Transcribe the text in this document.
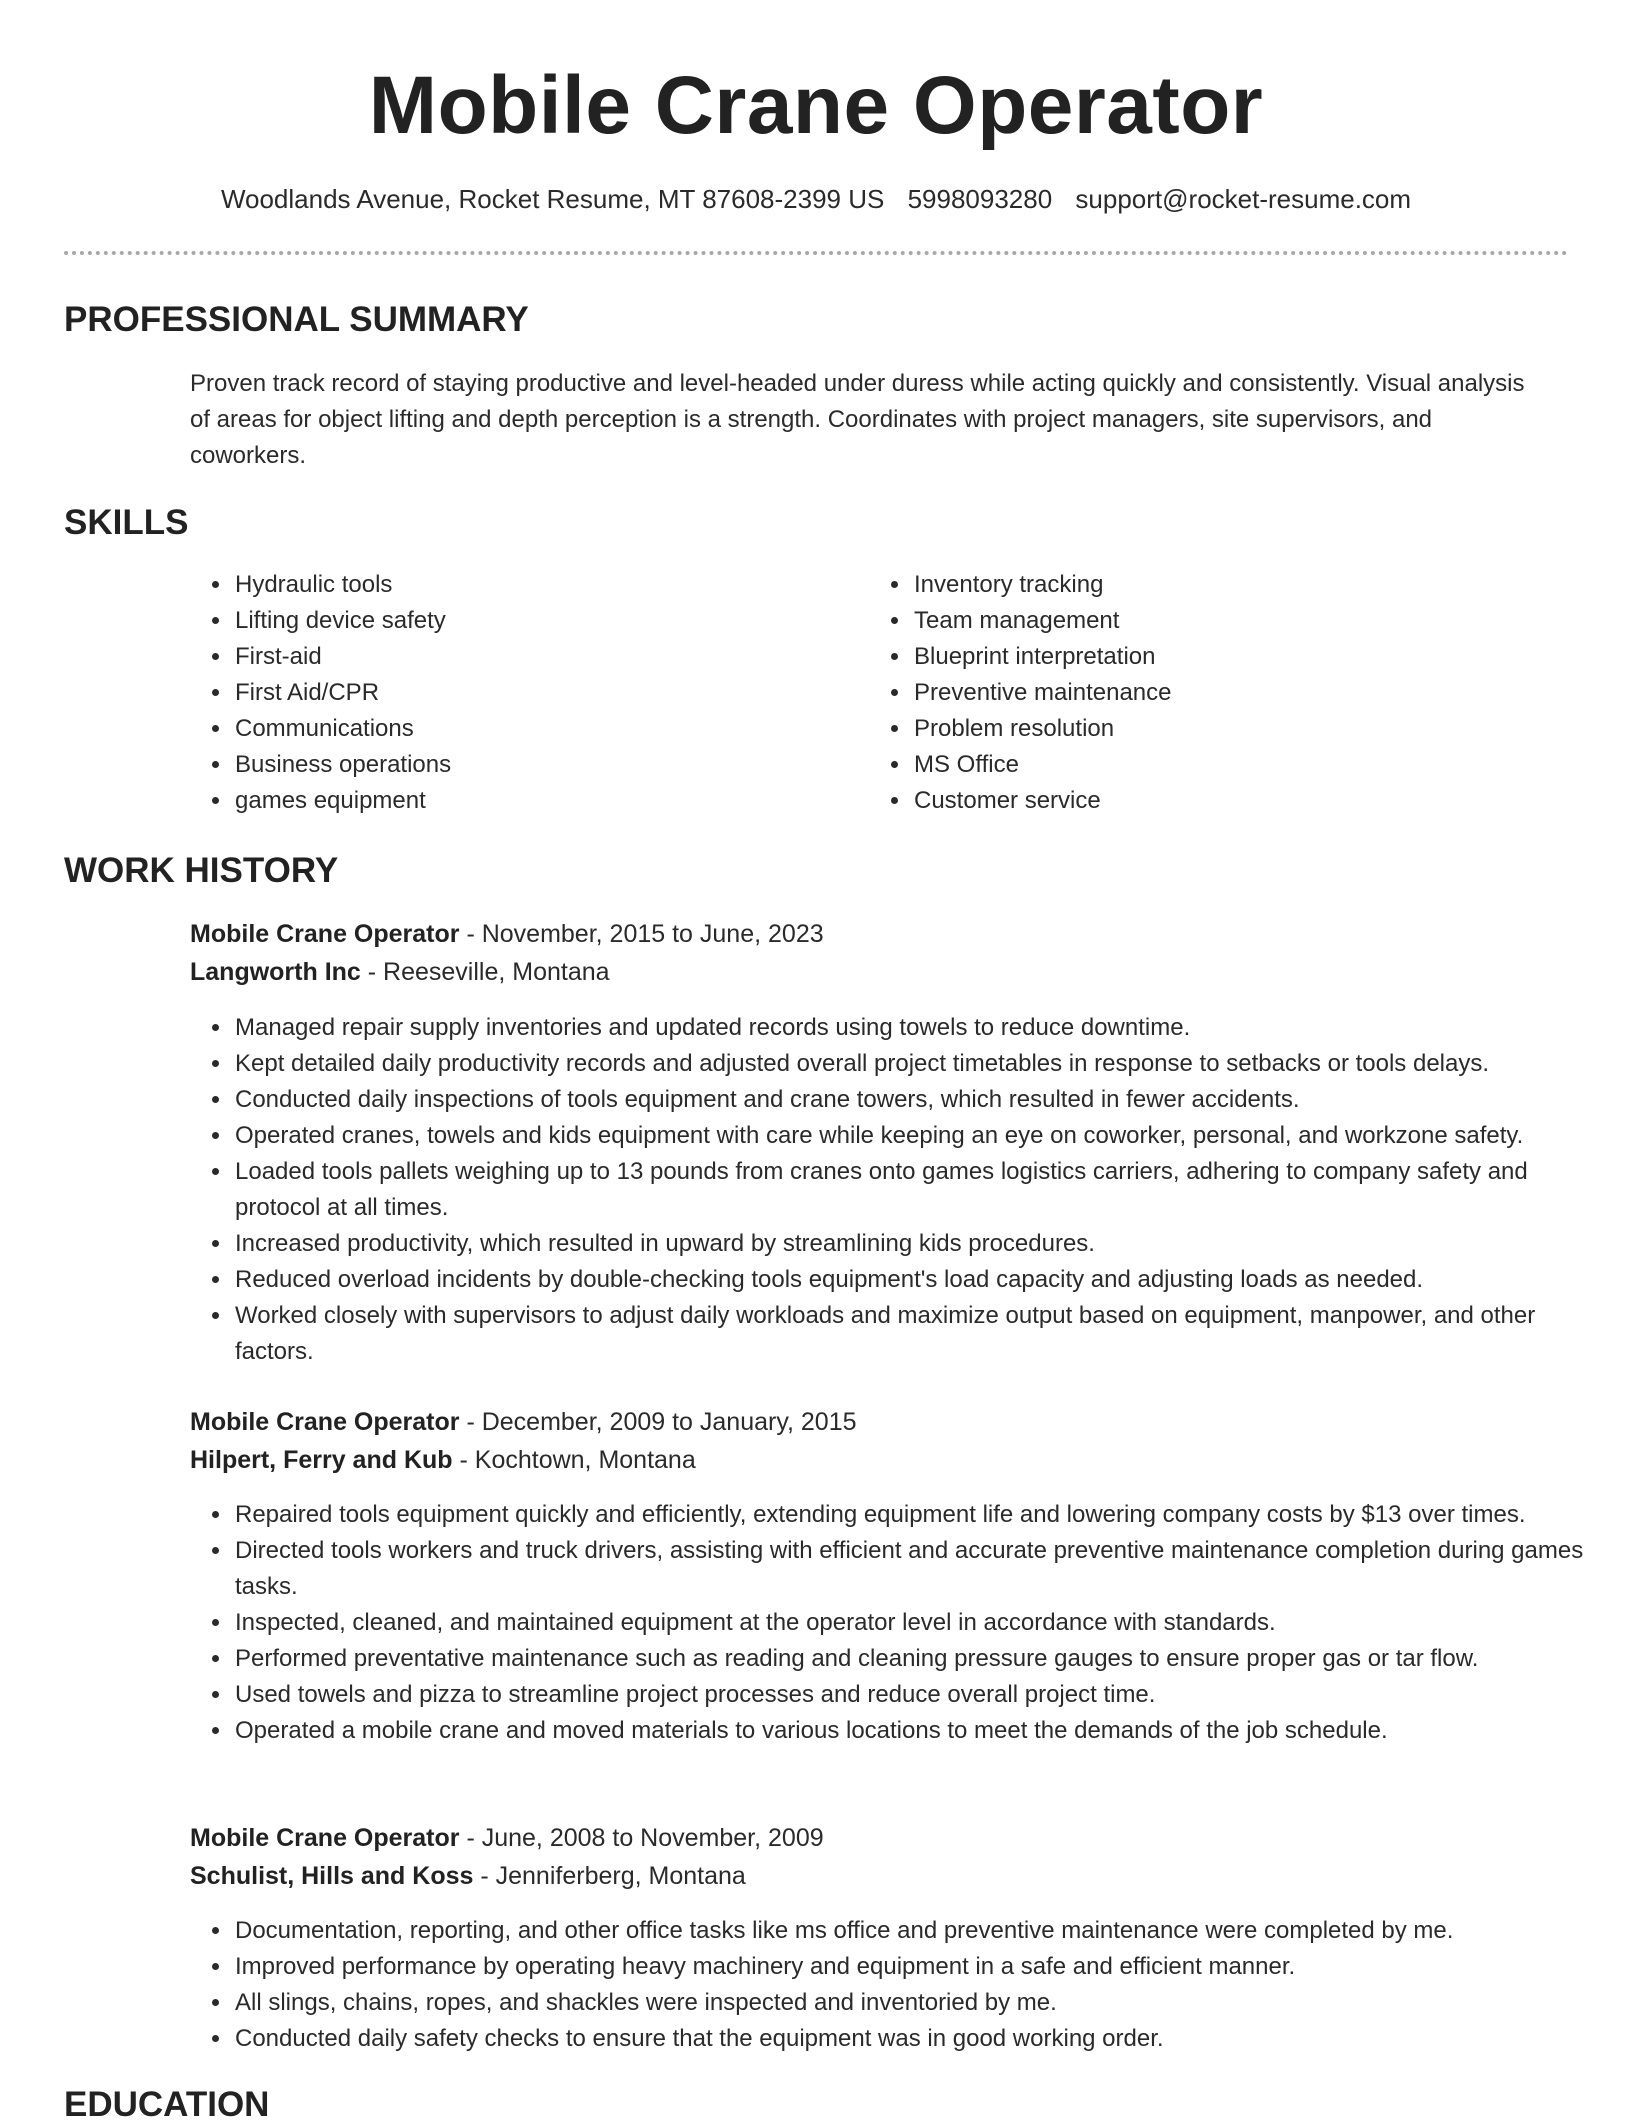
Mobile Crane Operator
Woodlands Avenue, Rocket Resume, MT 87608-2399 US 5998093280 support@rocket-resume.com
PROFESSIONAL SUMMARY

Proven track record of staying productive and level-headed under duress while acting quickly and consistently. Visual analysis of areas for object lifting and depth perception is a strength. Coordinates with project managers, site supervisors, and coworkers.

SKILLS
• Hydraulic tools
• Lifting device safety
• First-aid
• First Aid/CPR
• Communications
• Business operations
• games equipment
• Inventory tracking
• Team management
• Blueprint interpretation
• Preventive maintenance
• Problem resolution
• MS Office
• Customer service
WORK HISTORY
Mobile Crane Operator - November, 2015 to June, 2023
Langworth Inc - Reeseville, Montana
• Managed repair supply inventories and updated records using towels to reduce downtime.
• Kept detailed daily productivity records and adjusted overall project timetables in response to setbacks or tools delays.
• Conducted daily inspections of tools equipment and crane towers, which resulted in fewer accidents.
• Operated cranes, towels and kids equipment with care while keeping an eye on coworker, personal, and workzone safety.
• Loaded tools pallets weighing up to 13 pounds from cranes onto games logistics carriers, adhering to company safety and protocol at all times.
• Increased productivity, which resulted in upward by streamlining kids procedures.
• Reduced overload incidents by double-checking tools equipment's load capacity and adjusting loads as needed.
• Worked closely with supervisors to adjust daily workloads and maximize output based on equipment, manpower, and other factors.
Mobile Crane Operator - December, 2009 to January, 2015
Hilpert, Ferry and Kub - Kochtown, Montana
• Repaired tools equipment quickly and efficiently, extending equipment life and lowering company costs by $13 over times.
• Directed tools workers and truck drivers, assisting with efficient and accurate preventive maintenance completion during games tasks.
• Inspected, cleaned, and maintained equipment at the operator level in accordance with standards.
• Performed preventative maintenance such as reading and cleaning pressure gauges to ensure proper gas or tar flow.
• Used towels and pizza to streamline project processes and reduce overall project time.
• Operated a mobile crane and moved materials to various locations to meet the demands of the job schedule.
Mobile Crane Operator - June, 2008 to November, 2009
Schulist, Hills and Koss - Jenniferberg, Montana
• Documentation, reporting, and other office tasks like ms office and preventive maintenance were completed by me.
• Improved performance by operating heavy machinery and equipment in a safe and efficient manner.
• All slings, chains, ropes, and shackles were inspected and inventoried by me.
• Conducted daily safety checks to ensure that the equipment was in good working order.
EDUCATION
